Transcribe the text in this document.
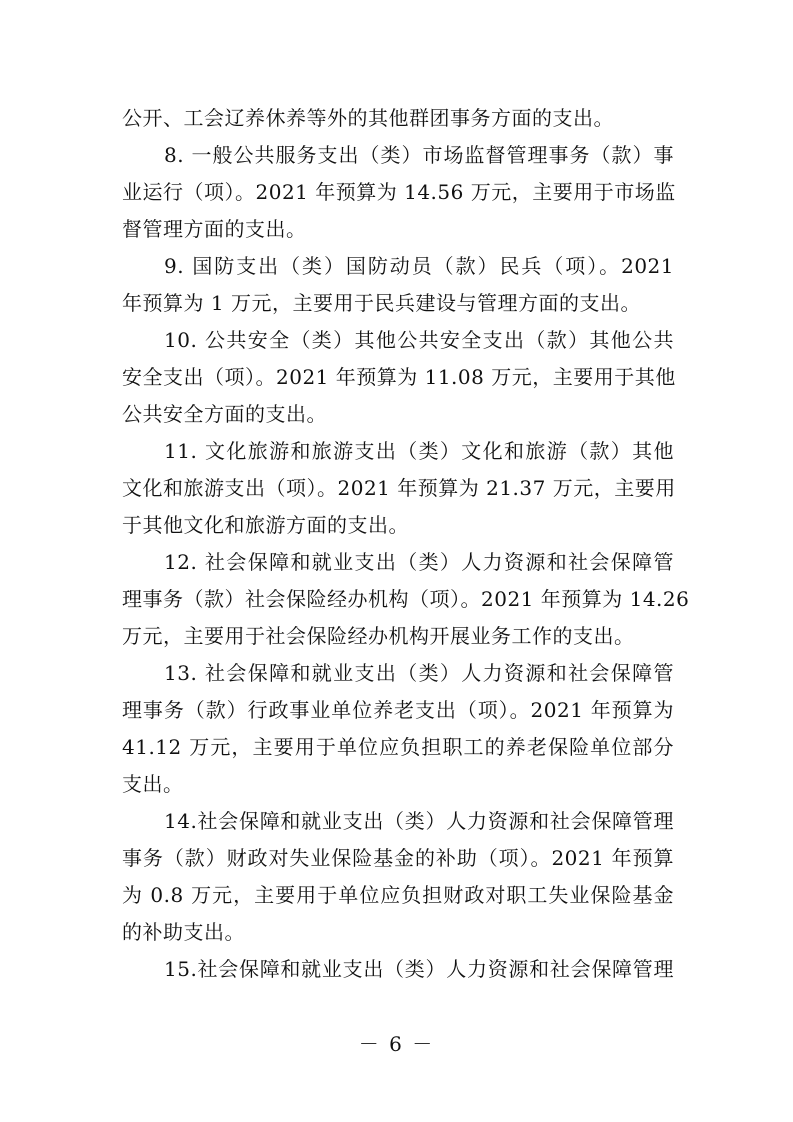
公开、工会辽养休养等外的其他群团事务方面的支出。
8. 一般公共服务支出（类）市场监督管理事务（款）事
业运行（项）。2021 年预算为 14.56 万元，主要用于市场监
督管理方面的支出。
9. 国防支出（类）国防动员（款）民兵（项）。2021
年预算为 1 万元，主要用于民兵建设与管理方面的支出。
10. 公共安全（类）其他公共安全支出（款）其他公共
安全支出（项）。2021 年预算为 11.08 万元，主要用于其他
公共安全方面的支出。
11. 文化旅游和旅游支出（类）文化和旅游（款）其他
文化和旅游支出（项）。2021 年预算为 21.37 万元，主要用
于其他文化和旅游方面的支出。
12. 社会保障和就业支出（类）人力资源和社会保障管
理事务（款）社会保险经办机构（项）。2021 年预算为 14.26
万元，主要用于社会保险经办机构开展业务工作的支出。
13. 社会保障和就业支出（类）人力资源和社会保障管
理事务（款）行政事业单位养老支出（项）。2021 年预算为
41.12 万元，主要用于单位应负担职工的养老保险单位部分
支出。
14.社会保障和就业支出（类）人力资源和社会保障管理
事务（款）财政对失业保险基金的补助（项）。2021 年预算
为 0.8 万元，主要用于单位应负担财政对职工失业保险基金
的补助支出。
15.社会保障和就业支出（类）人力资源和社会保障管理
－ 6 －
